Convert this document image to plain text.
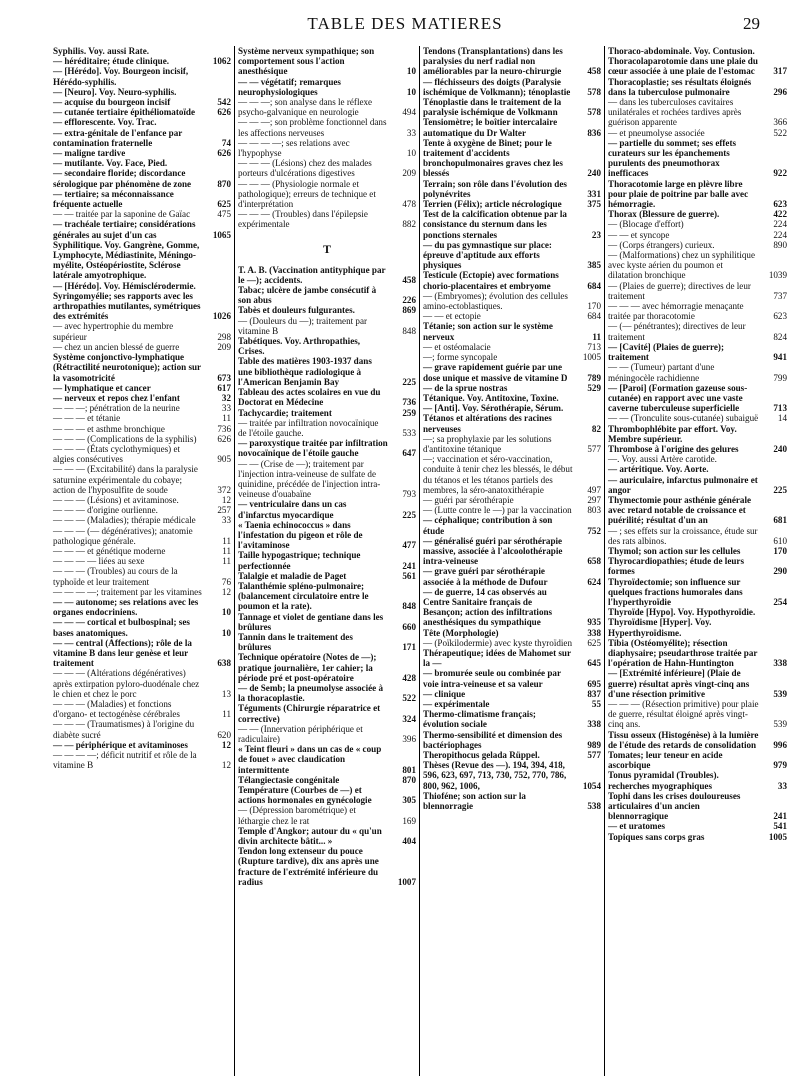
TABLE DES MATIERES	29
Syphilis. Voy. aussi Rate.
— héréditaire; étude clinique.	1062
— [Hérédo]. Voy. Bourgeon incisif, Hérédo-syphilis.
— [Neuro]. Voy. Neuro-syphilis.
— acquise du bourgeon incisif	542
— cutanée tertiaire épithéliomatoïde	626
— efflorescente. Voy. Trac.
— extra-génitale de l'enfance par contamination fraternelle	74
— maligne tardive	626
— mutilante. Voy. Face, Pied.
— secondaire floride; discordance sérologique par phénomène de zone	870
— tertiaire; sa méconnaissance fréquente actuelle	625
— — traitée par la saponine de Gaïac	475
— trachéale tertiaire; considérations générales au sujet d'un cas	1065
Syphilitique. Voy. Gangrène, Gomme, Lymphocyte, Médiastinite, Méningo-myélite, Ostéopériostite, Sclérose latérale amyotrophique.
— [Hérédo]. Voy. Hémisclérodermie.
Syringomyélie; ses rapports avec les arthropathies mutilantes, symétriques des extrémités	1026
— avec hypertrophie du membre supérieur	298
— chez un ancien blessé de guerre	209
Système conjonctivo-lymphatique (Rétractilité neurotonique); action sur la vasomotricité	673
— lymphatique et cancer	617
— nerveux et repos chez l'enfant	32
— — —; pénétration de la neurine	33
— — — et tétanie	11
— — — et asthme bronchique	736
— — — (Complications de la syphilis)	626
— — — (États cyclothymiques) et algies consécutives	905
— — — (Excitabilité) dans la paralysie saturnine expérimentale du cobaye; action de l'hyposulfite de soude	372
— — — (Lésions) et avitaminose.	12
— — — d'origine ourlienne.	257
— — — (Maladies); thérapie médicale	33
— — — (— dégénératives); anatomie pathologique générale.	11
— — — et génétique moderne	11
— — — — liées au sexe	11
— — — (Troubles) au cours de la typhoïde et leur traitement	76
— — — —; traitement par les vitamines	12
— — autonome; ses relations avec les organes endocriniens.	10
— — — cortical et bulbospinal; ses bases anatomiques.	10
— — central (Affections); rôle de la vitamine B dans leur genèse et leur traitement	638
— — — (Altérations dégénératives) après extirpation pyloro-duodénale chez le chien et chez le porc	13
— — — (Maladies) et fonctions d'organo- et tectogénèse cérébrales	11
— — — (Traumatismes) à l'origine du diabète sucré	620
— — périphérique et avitaminoses	12
— — — —; déficit nutritif et rôle de la vitamine B	12
Système nerveux sympathique; son comportement sous l'action anesthésique	10
— — végétatif; remarques neurophysiologiques	10
— — —; son analyse dans le réflexe psycho-galvanique en neurologie	494
— — —; son problème fonctionnel dans les affections nerveuses	33
— — — —; ses relations avec l'hypophyse	10
— — — (Lésions) chez des malades porteurs d'ulcérations digestives	209
— — — (Physiologie normale et pathologique); erreurs de technique et d'interprétation	478
— — — (Troubles) dans l'épilepsie expérimentale	882
T
T. A. B. (Vaccination antityphique par le —); accidents.	458
Tabac; ulcère de jambe consécutif à son abus	226
Tabès et douleurs fulgurantes.	869
— (Douleurs du —); traitement par vitamine B	848
Tabétiques. Voy. Arthropathies, Crises.
Table des matières 1903-1937 dans une bibliothèque radiologique à l'American Benjamin Bay	225
Tableau des actes scolaires en vue du Doctorat en Médecine	736
Tachycardie; traitement	259
— traitée par infiltration novocaïnique de l'étoile gauche.	533
— paroxystique traitée par infiltration novocaïnique de l'étoile gauche	647
— — (Crise de —); traitement par l'injection intra-veineuse de sulfate de quinidine, précédée de l'injection intra-veineuse d'ouabaïne	793
— ventriculaire dans un cas d'infarctus myocardique	225
« Taenia echinococcus » dans l'infestation du pigeon et rôle de l'avitaminose	477
Taille hypogastrique; technique perfectionnée	241
Talalgie et maladie de Paget	561
Talanthémie spléno-pulmonaire; (balancement circulatoire entre le poumon et la rate).	848
Tannage et violet de gentiane dans les brûlures	660
Tannin dans le traitement des brûlures	171
Technique opératoire (Notes de —); pratique journalière, 1er cahier; la période pré et post-opératoire	428
— de Semb; la pneumolyse associée à la thoracoplastie.	522
Téguments (Chirurgie réparatrice et corrective)	324
— — (Innervation périphérique et radiculaire)	396
« Teint fleuri » dans un cas de « coup de fouet » avec claudication intermittente	801
Télangiectasie congénitale	870
Température (Courbes de —) et actions hormonales en gynécologie	305
— (Dépression barométrique) et léthargie chez le rat	169
Temple d'Angkor; autour du « qu'un divin architecte bâtit... »	404
Tendon long extenseur du pouce (Rupture tardive), dix ans après une fracture de l'extrémité inférieure du radius	1007
Tendons (Transplantations) dans les paralysies du nerf radial non améliorables par la neuro-chirurgie	458
— fléchisseurs des doigts (Paralysie ischémique de Volkmann); ténoplastie	578
Ténoplastie dans le traitement de la paralysie ischémique de Volkmann	578
Tensiomètre; le boîtier intercalaire automatique du Dr Walter	836
Tente à oxygène de Binet; pour le traitement d'accidents bronchopulmonaires graves chez les blessés	240
Terrain; son rôle dans l'évolution des polynévrites	331
Terrien (Félix); article nécrologique	375
Test de la calcification obtenue par la consistance du sternum dans les ponctions sternales	23
— du pas gymnastique sur place: épreuve d'aptitude aux efforts physiques	385
Testicule (Ectopie) avec formations chorio-placentaires et embryome	684
— (Embryomes); évolution des cellules amino-ectoblastiques.	170
— — et ectopie	684
Tétanie; son action sur le système nerveux	11
— et ostéomalacie	713
—; forme syncopale	1005
— grave rapidement guérie par une dose unique et massive de vitamine D	789
— de la sprue nostras	529
Tétanique. Voy. Antitoxine, Toxine.
— [Anti]. Voy. Sérothérapie, Sérum.
Tétanos et altérations des racines nerveuses	82
—; sa prophylaxie par les solutions d'antitoxine tétanique	577
—; vaccination et séro-vaccination, conduite à tenir chez les blessés, le début du tétanos et les tétanos partiels des membres, la séro-anatoxithérapie	497
— guéri par sérothérapie	297
— (Lutte contre le —) par la vaccination	803
— céphalique; contribution à son étude	752
— généralisé guéri par sérothérapie massive, associée à l'alcoolothérapie intra-veineuse	658
— grave guéri par sérothérapie associée à la méthode de Dufour	624
— de guerre, 14 cas observés au Centre Sanitaire français de Besançon; action des infiltrations anesthésiques du sympathique	935
Tête (Morphologie)	338
— (Poïkilodermie) avec kyste thyroïdien	625
Thérapeutique; idées de Mahomet sur la —	645
— bromurée seule ou combinée par voie intra-veineuse et sa valeur	695
— clinique	837
— expérimentale	55
Thermo-climatisme français; évolution sociale	338
Thermo-sensibilité et dimension des bactériophages	989
Theropithocus gelada Rüppel.	577
Thèses (Revue des —). 194, 394, 418, 596, 623, 697, 713, 730, 752, 770, 786, 800, 962, 1006,	1054
Thioféne; son action sur la blennorragie	538
Thoraco-abdominale. Voy. Contusion.
Thoracolaparotomie dans une plaie du cœur associée à une plaie de l'estomac	317
Thoracoplastie; ses résultats éloignés dans la tuberculose pulmonaire	296
— dans les tuberculoses cavitaires unilatérales et rochées tardives après guérison apparente	366
— et pneumolyse associée	522
— partielle du sommet; ses effets curateurs sur les épanchements purulents des pneumothorax inefficaces	922
Thoracotomie large en plèvre libre pour plaie de poitrine par balle avec hémorragie.	623
Thorax (Blessure de guerre).	422
— (Blocage d'effort)	224
— — et syncope	224
— (Corps étrangers) curieux.	890
— (Malformations) chez un syphilitique avec kyste aérien du poumon et dilatation bronchique	1039
— (Plaies de guerre); directives de leur traitement	737
— — — avec hémorragie menaçante traitée par thoracotomie	623
— (— pénétrantes); directives de leur traitement	824
— [Cavité] (Plaies de guerre); traitement	941
— — (Tumeur) partant d'une méningocèle rachidienne	799
— [Paroi] (Formation gazeuse sous-cutanée) en rapport avec une vaste caverne tuberculeuse superficielle	713
— — (Tronculite sous-cutanée) subaiguë	14
Thrombophlébite par effort. Voy. Membre supérieur.
Thrombose à l'origine des gelures	240
—. Voy. aussi Artère carotide.
— artéritique. Voy. Aorte.
— auriculaire, infarctus pulmonaire et angor	225
Thymectomie pour asthénie générale avec retard notable de croissance et puérilité; résultat d'un an	681
— ; ses effets sur la croissance, étude sur des rats albinos.	610
Thymol; son action sur les cellules	170
Thyrocardiopathies; étude de leurs formes	290
Thyroïdectomie; son influence sur quelques fractions humorales dans l'hyperthyroïdie	254
Thyroïde [Hypo]. Voy. Hypothyroïdie.
Thyroïdisme [Hyper]. Voy. Hyperthyroïdisme.
Tibia (Ostéomyélite); résection diaphysaire; pseudarthrose traitée par l'opération de Hahn-Huntington	338
— [Extrémité inférieure] (Plaie de guerre) résultat après vingt-cinq ans d'une résection primitive	539
— — — (Résection primitive) pour plaie de guerre, résultat éloigné après vingt-cinq ans.	539
Tissu osseux (Histogénèse) à la lumière de l'étude des retards de consolidation	996
Tomates; leur teneur en acide ascorbique	979
Tonus pyramidal (Troubles). recherches myographiques	33
Tophi dans les crises douloureuses articulaires d'un ancien blennorragique	241
— et uratomes	541
Topiques sans corps gras	1005
